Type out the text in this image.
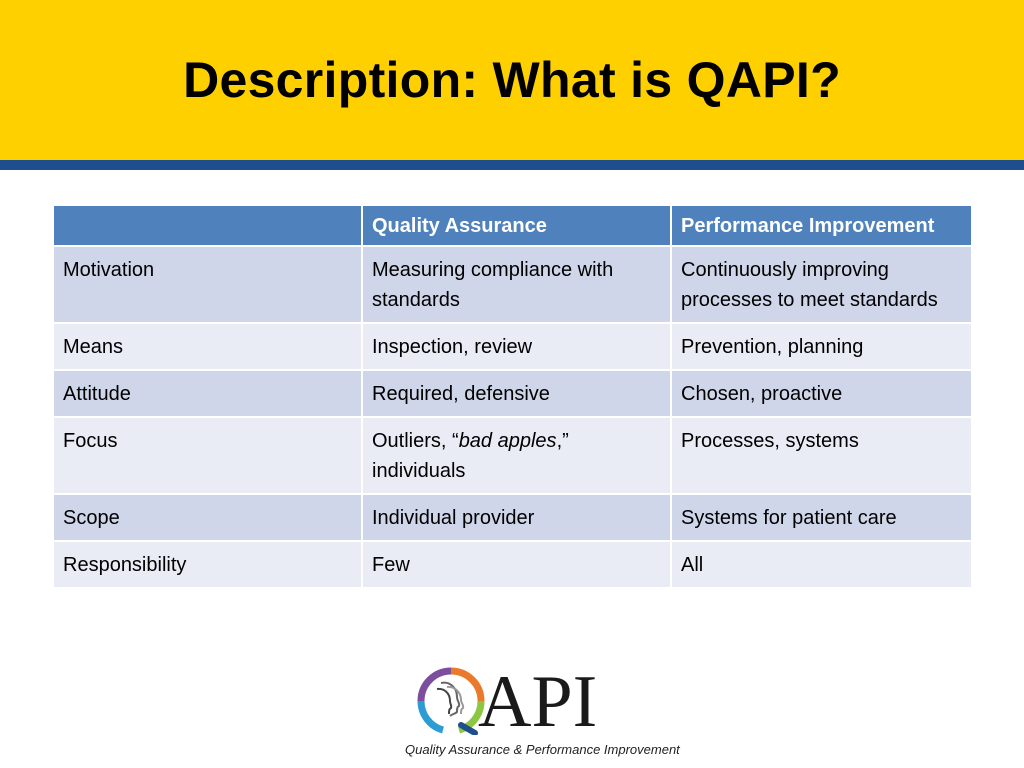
Description: What is QAPI?
	Quality Assurance	Performance Improvement
Motivation	Measuring compliance with standards	Continuously improving processes to meet standards
Means	Inspection, review	Prevention, planning
Attitude	Required, defensive	Chosen, proactive
Focus	Outliers, “bad apples,” individuals	Processes, systems
Scope	Individual provider	Systems for patient care
Responsibility	Few	All
API
Quality Assurance & Performance Improvement
